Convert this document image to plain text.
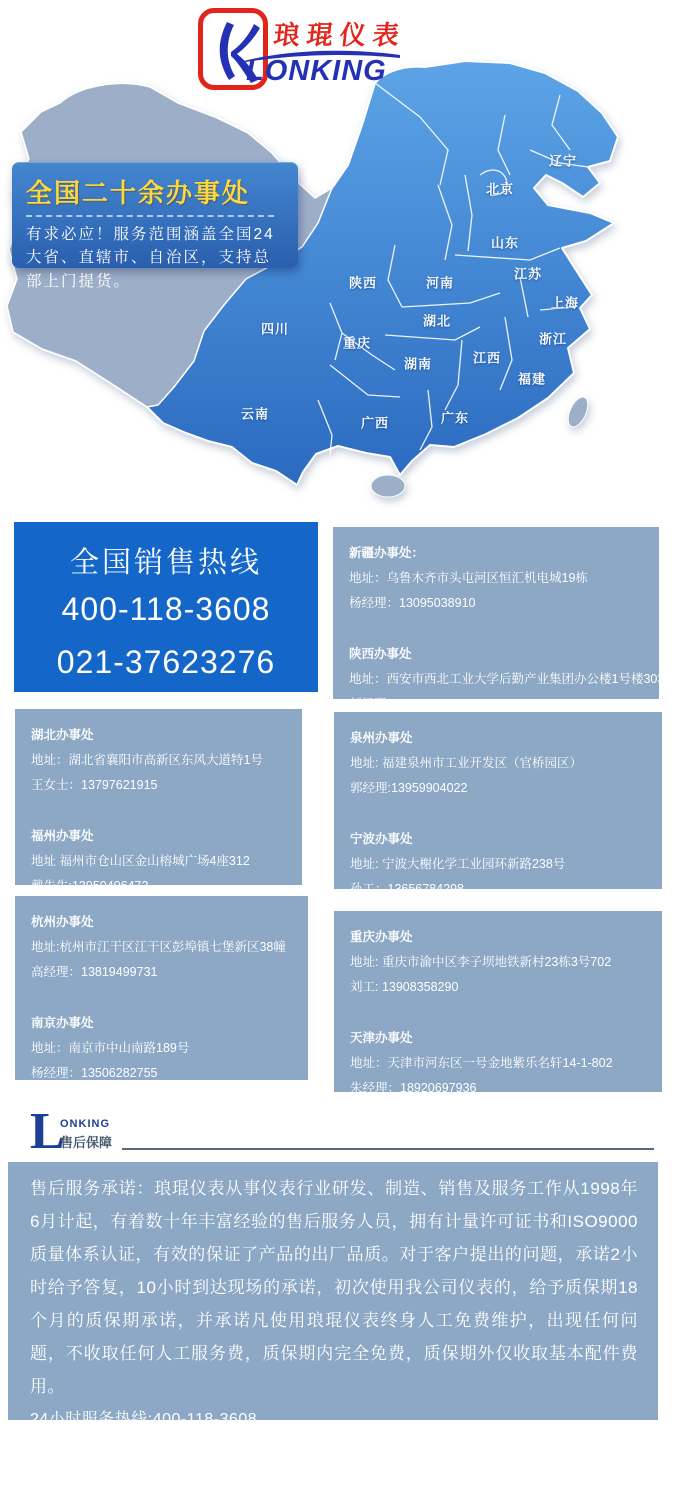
琅琨仪表
LONKING
辽宁
北京
山东
陕西	河南
江苏
上海
湖北
四川
重庆
湖南	江西
浙江
福建
云南
广西	广东
全国二十余办事处
有求必应！服务范围涵盖全国24大省、直辖市、自治区，支持总部上门提货。
全国销售热线
400-118-3608
021-37623276
新疆办事处：
地址：乌鲁木齐市头屯河区恒汇机电城19栋
杨经理：13095038910
陕西办事处
地址：西安市西北工业大学后勤产业集团办公楼1号楼303
刘经理:13363987998
湖北办事处
地址：湖北省襄阳市高新区东风大道特1号
王女士：13797621915
福州办事处
地址 福州市仓山区金山榕城广场4座312
戴先生:13950406472
泉州办事处
地址: 福建泉州市工业开发区（官桥园区）
郭经理:13959904022
宁波办事处
地址: 宁波大榭化学工业园环新路238号
孙工：13656784298
杭州办事处
地址:杭州市江干区江干区彭埠镇七堡新区38幢
高经理：13819499731
南京办事处
地址：南京市中山南路189号
杨经理：13506282755
重庆办事处
地址: 重庆市渝中区李子坝地铁新村23栋3号702
刘工: 13908358290
天津办事处
地址：天津市河东区一号金地紫乐名轩14-1-802
朱经理：18920697936
L
ONKING
售后保障
售后服务承诺：琅琨仪表从事仪表行业研发、制造、销售及服务工作从1998年6月计起，有着数十年丰富经验的售后服务人员，拥有计量许可证书和ISO9000质量体系认证，有效的保证了产品的出厂品质。对于客户提出的问题，承诺2小时给予答复，10小时到达现场的承诺，初次使用我公司仪表的，给予质保期18个月的质保期承诺，并承诺凡使用琅琨仪表终身人工免费维护，出现任何问题，不收取任何人工服务费，质保期内完全免费，质保期外仅收取基本配件费用。
24小时服务热线:400-118-3608
技术支持热线：18917903276
订货电话：13816949007
